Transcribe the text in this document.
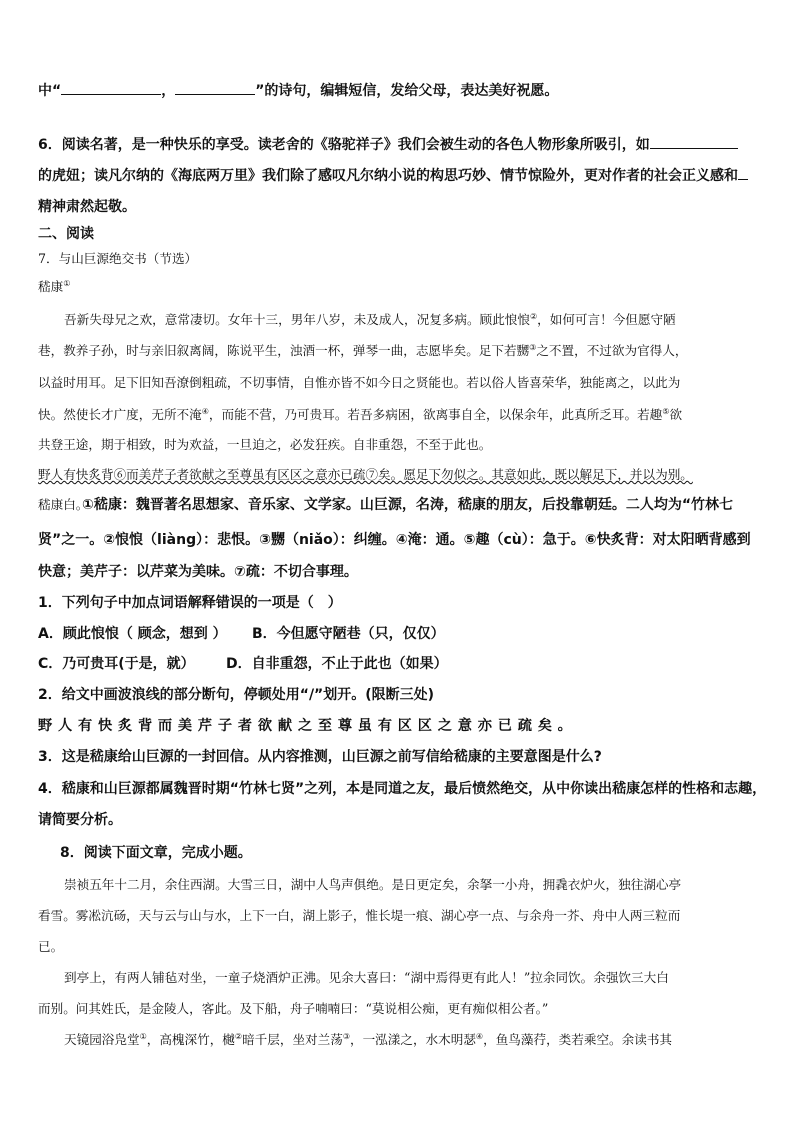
中“	，	”的诗句，编辑短信，发给父母，表达美好祝愿。
6．阅读名著，是一种快乐的享受。读老舍的《骆驼祥子》我们会被生动的各色人物形象所吸引，如
的虎妞；读凡尔纳的《海底两万里》我们除了感叹凡尔纳小说的构思巧妙、情节惊险外，更对作者的社会正义感和
精神肃然起敬。
二、阅读
7．与山巨源绝交书（节选）
嵇康①
吾新失母兄之欢，意常凄切。女年十三，男年八岁，未及成人，况复多病。顾此悢悢②，如何可言！今但愿守陋
巷，教养子孙，时与亲旧叙离阔，陈说平生，浊酒一杯，弹琴一曲，志愿毕矣。足下若嬲③之不置，不过欲为官得人，
以益时用耳。足下旧知吾潦倒粗疏，不切事情，自惟亦皆不如今日之贤能也。若以俗人皆喜荣华，独能离之，以此为
快。然使长才广度，无所不淹④，而能不营，乃可贵耳。若吾多病困，欲离事自全，以保余年，此真所乏耳。若趣⑤欲
共登王途，期于相致，时为欢益，一旦迫之，必发狂疾。自非重怨，不至于此也。
野人有快炙背⑥而美芹子者欲献之至尊虽有区区之意亦已疏⑦矣。愿足下勿似之。其意如此，既以解足下，并以为别。
嵇康白。
①嵇康：魏晋著名思想家、音乐家、文学家。山巨源，名涛，嵇康的朋友，后投靠朝廷。二人均为“竹林七
贤”之一。②悢悢（liàng）：悲恨。③嬲（niǎo）：纠缠。④淹：通。⑤趣（cù）：急于。⑥快炙背：对太阳晒背感到
快意；美芹子：以芹菜为美味。⑦疏：不切合事理。
1．下列句子中加点词语解释错误的一项是（　）
A．顾此悢悢（ 顾念，想到 ） B．今但愿守陋巷（只，仅仅）
C．乃可贵耳(于是，就） D．自非重怨，不止于此也（如果）
2．给文中画波浪线的部分断句，停顿处用“/”划开。(限断三处)
野人有快炙背而美芹子者欲献之至尊虽有区区之意亦已疏矣。
3．这是嵇康给山巨源的一封回信。从内容推测，山巨源之前写信给嵇康的主要意图是什么?
4．嵇康和山巨源都属魏晋时期“竹林七贤”之列，本是同道之友，最后愤然绝交，从中你读出嵇康怎样的性格和志趣，
请简要分析。
8．阅读下面文章，完成小题。
崇祯五年十二月，余住西湖。大雪三日，湖中人鸟声俱绝。是日更定矣，余拏一小舟，拥毳衣炉火，独往湖心亭
看雪。雾凇沆砀，天与云与山与水，上下一白，湖上影子，惟长堤一痕、湖心亭一点、与余舟一芥、舟中人两三粒而
已。
到亭上，有两人铺毡对坐，一童子烧酒炉正沸。见余大喜曰：“湖中焉得更有此人！”拉余同饮。余强饮三大白
而别。问其姓氏，是金陵人，客此。及下船，舟子喃喃曰：“莫说相公痴，更有痴似相公者。”
天镜园浴凫堂①，高槐深竹，樾②暗千层，坐对兰荡③，一泓漾之，水木明瑟④，鱼鸟藻荇，类若乘空。余读书其
